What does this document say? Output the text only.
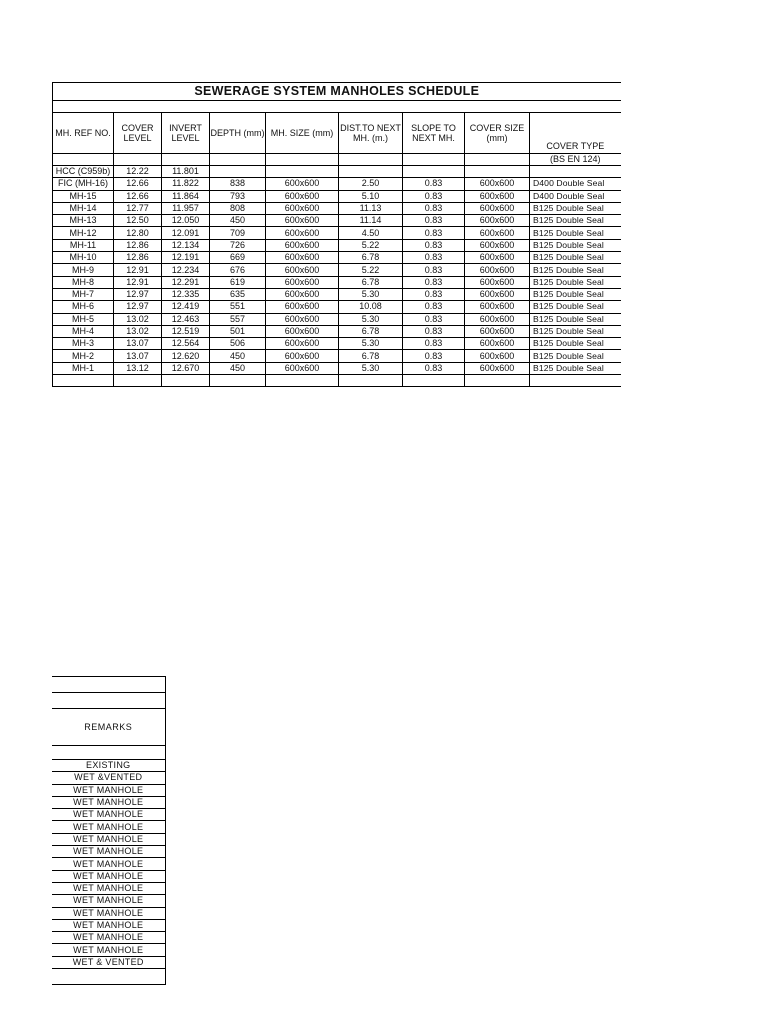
SEWERAGE SYSTEM MANHOLES SCHEDULE								

MH. REF NO.	COVER LEVEL	INVERT LEVEL	DEPTH (mm)	MH. SIZE (mm)	DIST.TO NEXT MH. (m.)	SLOPE TO NEXT MH.	COVER SIZE (mm)	COVER TYPE
								(BS EN 124)
HCC (C959b)	12.22	11.801						
FIC (MH-16)	12.66	11.822	838	600x600	2.50	0.83	600x600	D400 Double Seal
MH-15	12.66	11.864	793	600x600	5.10	0.83	600x600	D400 Double Seal
MH-14	12.77	11.957	808	600x600	11.13	0.83	600x600	B125 Double Seal
MH-13	12.50	12.050	450	600x600	11.14	0.83	600x600	B125 Double Seal
MH-12	12.80	12.091	709	600x600	4.50	0.83	600x600	B125 Double Seal
MH-11	12.86	12.134	726	600x600	5.22	0.83	600x600	B125 Double Seal
MH-10	12.86	12.191	669	600x600	6.78	0.83	600x600	B125 Double Seal
MH-9	12.91	12.234	676	600x600	5.22	0.83	600x600	B125 Double Seal
MH-8	12.91	12.291	619	600x600	6.78	0.83	600x600	B125 Double Seal
MH-7	12.97	12.335	635	600x600	5.30	0.83	600x600	B125 Double Seal
MH-6	12.97	12.419	551	600x600	10.08	0.83	600x600	B125 Double Seal
MH-5	13.02	12.463	557	600x600	5.30	0.83	600x600	B125 Double Seal
MH-4	13.02	12.519	501	600x600	6.78	0.83	600x600	B125 Double Seal
MH-3	13.07	12.564	506	600x600	5.30	0.83	600x600	B125 Double Seal
MH-2	13.07	12.620	450	600x600	6.78	0.83	600x600	B125 Double Seal
MH-1	13.12	12.670	450	600x600	5.30	0.83	600x600	B125 Double Seal

REMARKS

EXISTING
WET &VENTED
WET MANHOLE
WET MANHOLE
WET MANHOLE
WET MANHOLE
WET MANHOLE
WET MANHOLE
WET MANHOLE
WET MANHOLE
WET MANHOLE
WET MANHOLE
WET MANHOLE
WET MANHOLE
WET MANHOLE
WET MANHOLE
WET & VENTED
